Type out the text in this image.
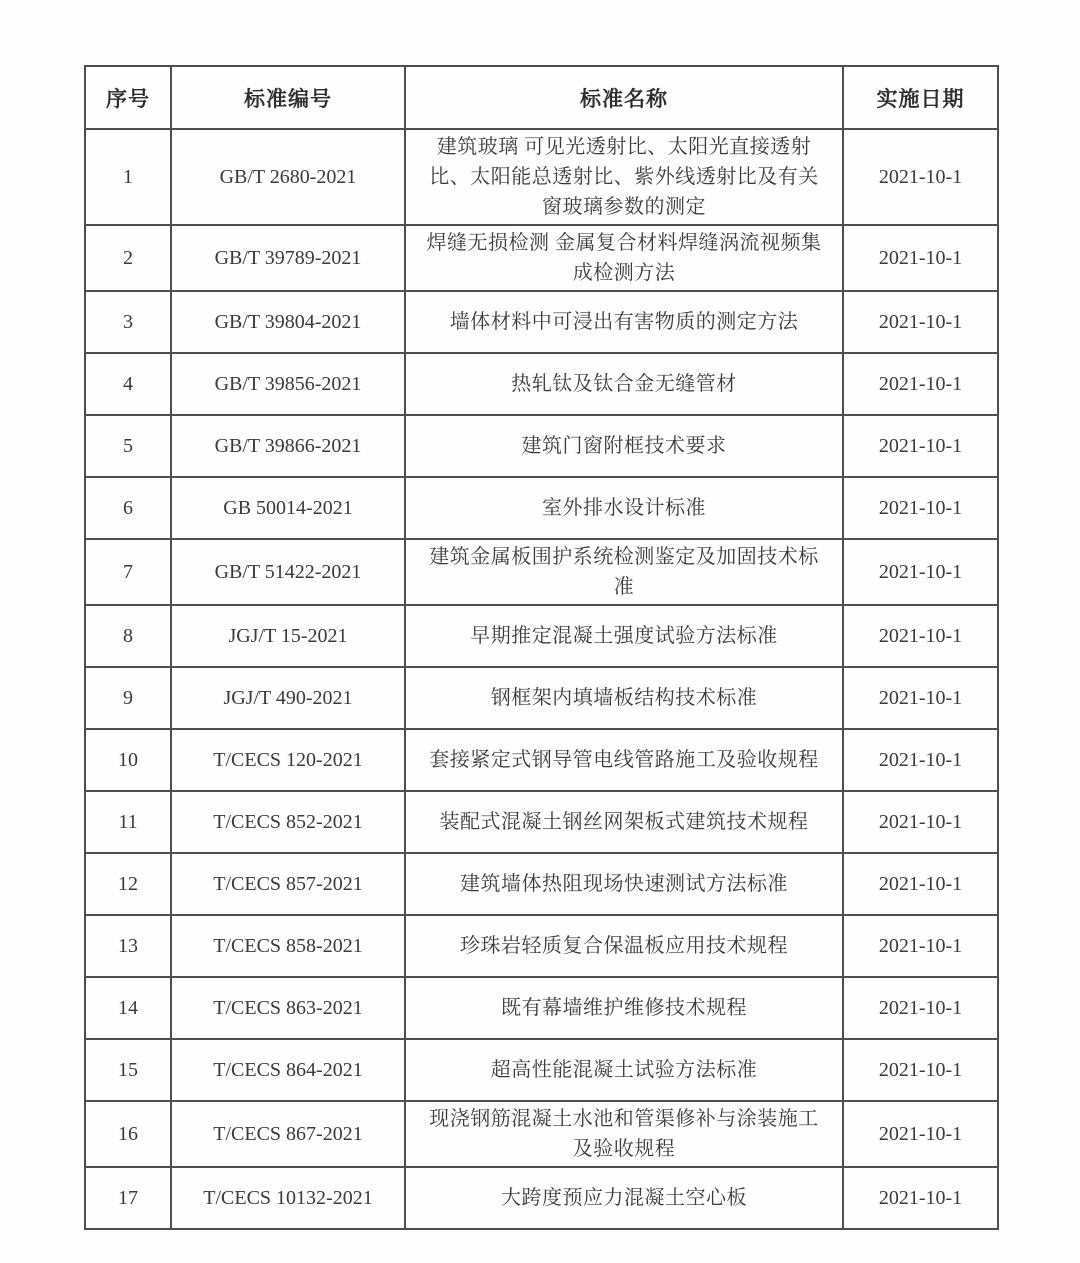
序号	标准编号	标准名称	实施日期
1	GB/T 2680-2021	建筑玻璃 可见光透射比、太阳光直接透射比、太阳能总透射比、紫外线透射比及有关窗玻璃参数的测定	2021-10-1
2	GB/T 39789-2021	焊缝无损检测 金属复合材料焊缝涡流视频集成检测方法	2021-10-1
3	GB/T 39804-2021	墙体材料中可浸出有害物质的测定方法	2021-10-1
4	GB/T 39856-2021	热轧钛及钛合金无缝管材	2021-10-1
5	GB/T 39866-2021	建筑门窗附框技术要求	2021-10-1
6	GB 50014-2021	室外排水设计标准	2021-10-1
7	GB/T 51422-2021	建筑金属板围护系统检测鉴定及加固技术标准	2021-10-1
8	JGJ/T 15-2021	早期推定混凝土强度试验方法标准	2021-10-1
9	JGJ/T 490-2021	钢框架内填墙板结构技术标准	2021-10-1
10	T/CECS 120-2021	套接紧定式钢导管电线管路施工及验收规程	2021-10-1
11	T/CECS 852-2021	装配式混凝土钢丝网架板式建筑技术规程	2021-10-1
12	T/CECS 857-2021	建筑墙体热阻现场快速测试方法标准	2021-10-1
13	T/CECS 858-2021	珍珠岩轻质复合保温板应用技术规程	2021-10-1
14	T/CECS 863-2021	既有幕墙维护维修技术规程	2021-10-1
15	T/CECS 864-2021	超高性能混凝土试验方法标准	2021-10-1
16	T/CECS 867-2021	现浇钢筋混凝土水池和管渠修补与涂装施工及验收规程	2021-10-1
17	T/CECS 10132-2021	大跨度预应力混凝土空心板	2021-10-1
